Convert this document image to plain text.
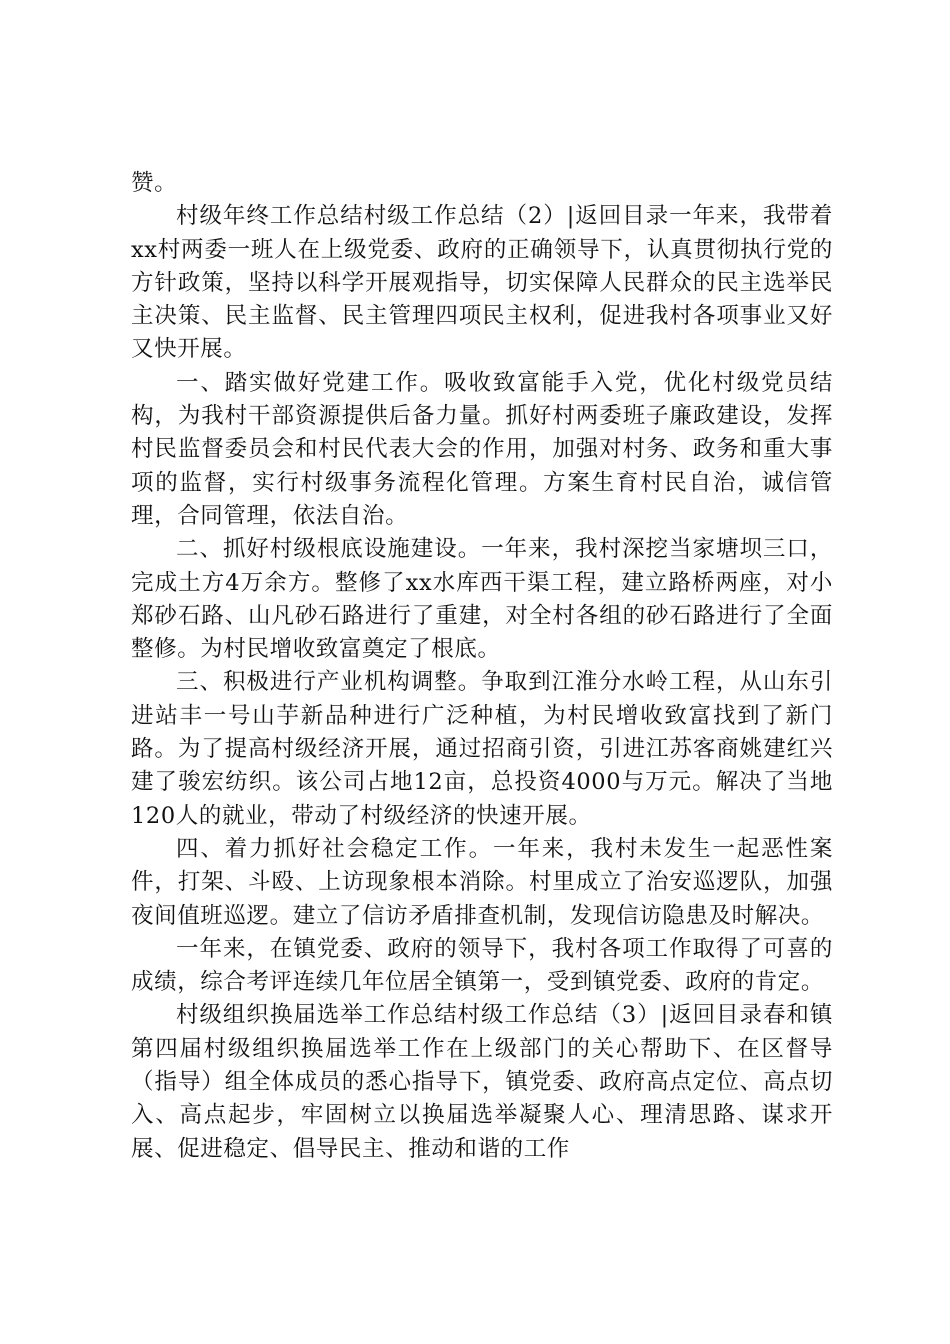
赞。

村级年终工作总结村级工作总结（2）|返回目录一年来，我带着xx村两委一班人在上级党委、政府的正确领导下，认真贯彻执行党的方针政策，坚持以科学开展观指导，切实保障人民群众的民主选举民主决策、民主监督、民主管理四项民主权利，促进我村各项事业又好又快开展。

一、踏实做好党建工作。吸收致富能手入党，优化村级党员结构，为我村干部资源提供后备力量。抓好村两委班子廉政建设，发挥村民监督委员会和村民代表大会的作用，加强对村务、政务和重大事项的监督，实行村级事务流程化管理。方案生育村民自治，诚信管理，合同管理，依法自治。

二、抓好村级根底设施建设。一年来，我村深挖当家塘坝三口，完成土方4万余方。整修了xx水库西干渠工程，建立路桥两座，对小郑砂石路、山凡砂石路进行了重建，对全村各组的砂石路进行了全面整修。为村民增收致富奠定了根底。

三、积极进行产业机构调整。争取到江淮分水岭工程，从山东引进站丰一号山芋新品种进行广泛种植，为村民增收致富找到了新门路。为了提高村级经济开展，通过招商引资，引进江苏客商姚建红兴建了骏宏纺织。该公司占地12亩，总投资4000与万元。解决了当地120人的就业，带动了村级经济的快速开展。

四、着力抓好社会稳定工作。一年来，我村未发生一起恶性案件，打架、斗殴、上访现象根本消除。村里成立了治安巡逻队，加强夜间值班巡逻。建立了信访矛盾排查机制，发现信访隐患及时解决。

一年来，在镇党委、政府的领导下，我村各项工作取得了可喜的成绩，综合考评连续几年位居全镇第一，受到镇党委、政府的肯定。

村级组织换届选举工作总结村级工作总结（3）|返回目录春和镇第四届村级组织换届选举工作在上级部门的关心帮助下、在区督导（指导）组全体成员的悉心指导下，镇党委、政府高点定位、高点切入、高点起步，牢固树立以换届选举凝聚人心、理清思路、谋求开展、促进稳定、倡导民主、推动和谐的工作
